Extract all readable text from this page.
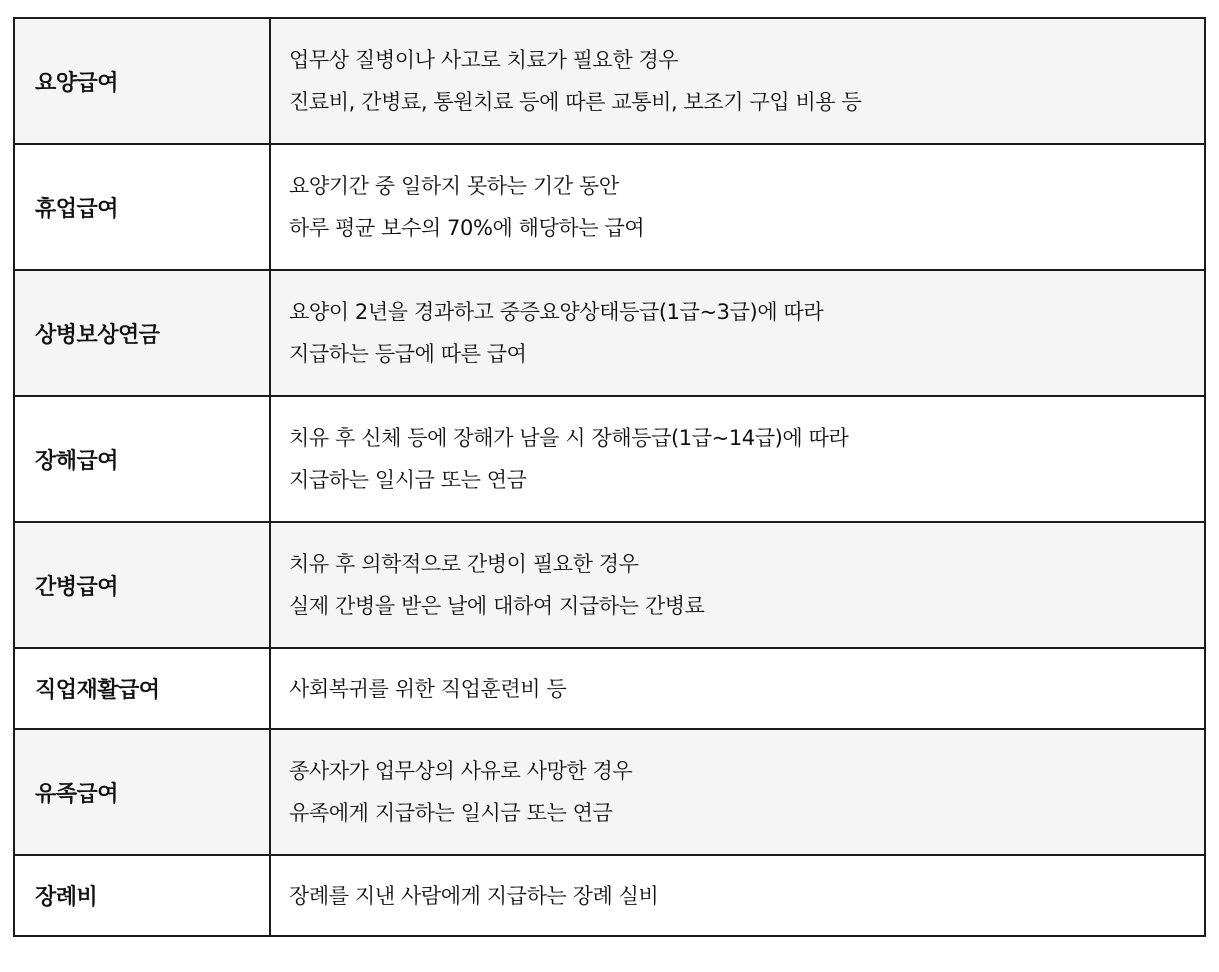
요양급여	업무상 질병이나 사고로 치료가 필요한 경우
진료비, 간병료, 통원치료 등에 따른 교통비, 보조기 구입 비용 등

휴업급여	요양기간 중 일하지 못하는 기간 동안
하루 평균 보수의 70%에 해당하는 급여

상병보상연금	요양이 2년을 경과하고 중증요양상태등급(1급~3급)에 따라
지급하는 등급에 따른 급여

장해급여	치유 후 신체 등에 장해가 남을 시 장해등급(1급~14급)에 따라
지급하는 일시금 또는 연금

간병급여	치유 후 의학적으로 간병이 필요한 경우
실제 간병을 받은 날에 대하여 지급하는 간병료

직업재활급여	사회복귀를 위한 직업훈련비 등

유족급여	종사자가 업무상의 사유로 사망한 경우
유족에게 지급하는 일시금 또는 연금

장례비	장례를 지낸 사람에게 지급하는 장례 실비
